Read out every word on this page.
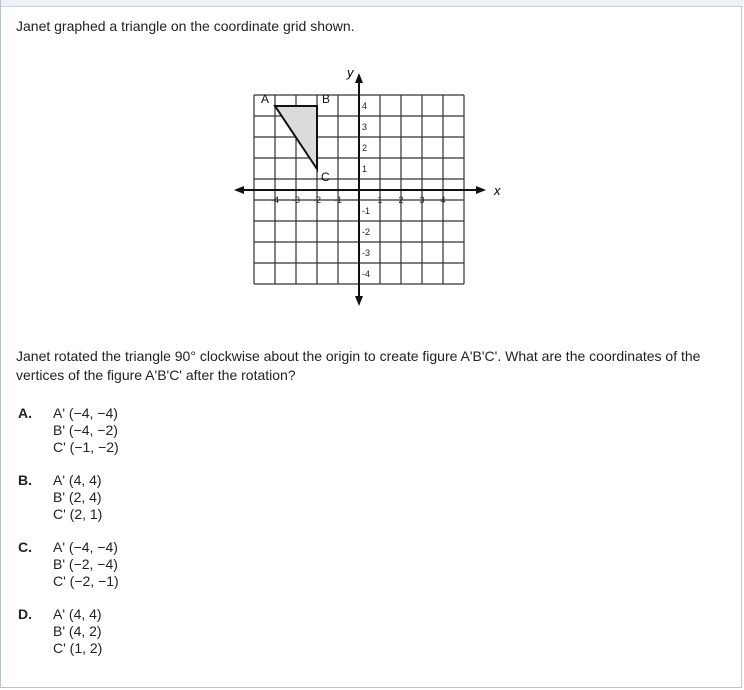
Janet graphed a triangle on the coordinate grid shown.
-4 -3 -2 -1	1 2 3 4
4
3
2
1
-1
-2
-3
-4
A	B
C
x
y
Janet rotated the triangle 90° clockwise about the origin to create figure A'B'C'. What are the coordinates of the vertices of the figure A'B'C' after the rotation?
A. A' (−4, −4)
B' (−4, −2)
C' (−1, −2)
B. A' (4, 4)
B' (2, 4)
C' (2, 1)
C. A' (−4, −4)
B' (−2, −4)
C' (−2, −1)
D. A' (4, 4)
B' (4, 2)
C' (1, 2)
